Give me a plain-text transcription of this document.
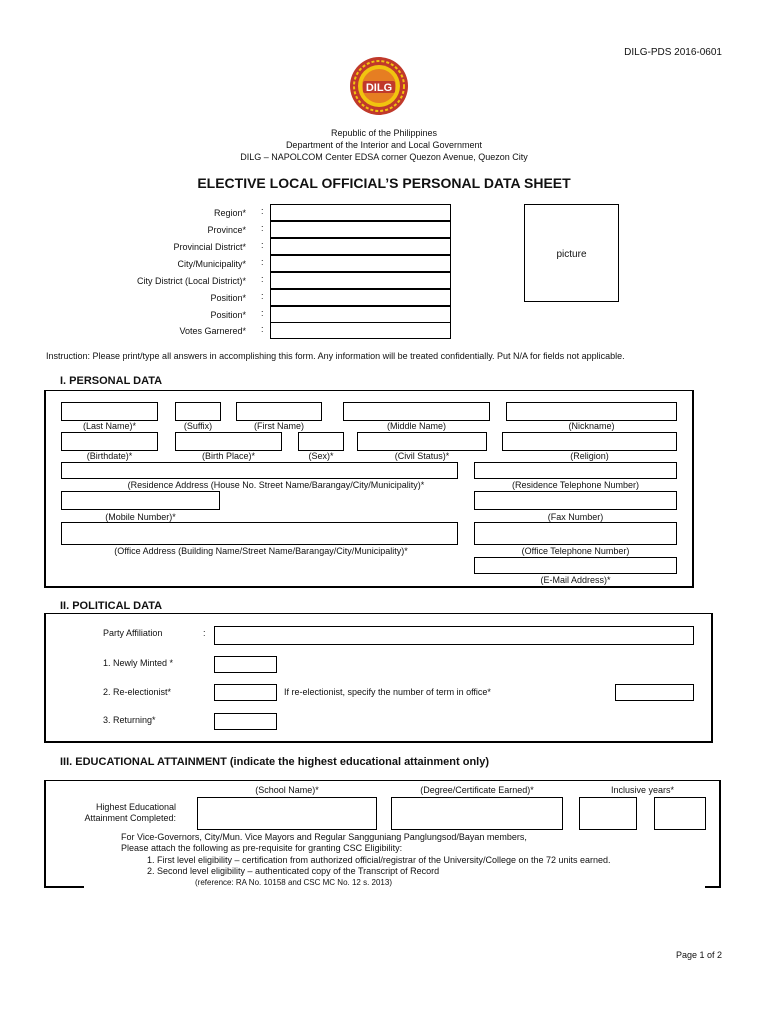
DILG-PDS 2016-0601
DILG
Republic of the Philippines
Department of the Interior and Local Government
DILG – NAPOLCOM Center EDSA corner Quezon Avenue, Quezon City
ELECTIVE LOCAL OFFICIAL’S PERSONAL DATA SHEET
Region* :
Province* :
Provincial District* :
City/Municipality* :
City District (Local District)* :
Position* :
Position* :
Votes Garnered* :
picture
Instruction: Please print/type all answers in accomplishing this form. Any information will be treated confidentially. Put N/A for fields not applicable.
I. PERSONAL DATA
(Last Name)*	(Suffix)	(First Name)	(Middle Name)	(Nickname)
(Birthdate)*	(Birth Place)*	(Sex)*	(Civil Status)*	(Religion)
(Residence Address (House No. Street Name/Barangay/City/Municipality)*	(Residence Telephone Number)
(Mobile Number)*	(Fax Number)
(Office Address (Building Name/Street Name/Barangay/City/Municipality)*	(Office Telephone Number)
(E-Mail Address)*
II. POLITICAL DATA
Party Affiliation	:
1. Newly Minted *
2. Re-electionist*	If re-electionist, specify the number of term in office*
3. Returning*
III. EDUCATIONAL ATTAINMENT (indicate the highest educational attainment only)
(School Name)*	(Degree/Certificate Earned)*	Inclusive years*
Highest Educational
Attainment Completed:
For Vice-Governors, City/Mun. Vice Mayors and Regular Sangguniang Panglungsod/Bayan members,
Please attach the following as pre-requisite for granting CSC Eligibility:
1. First level eligibility – certification from authorized official/registrar of the University/College on the 72 units earned.
2. Second level eligibility – authenticated copy of the Transcript of Record
(reference: RA No. 10158 and CSC MC No. 12 s. 2013)
Page 1 of 2
